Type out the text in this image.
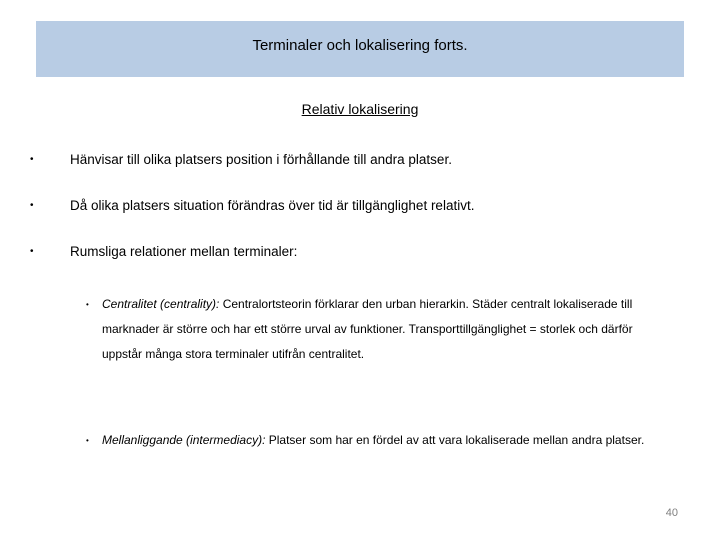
Terminaler och lokalisering forts.
Relativ lokalisering
•	Hänvisar till olika platsers position i förhållande till andra platser.
•	Då olika platsers situation förändras över tid är tillgänglighet relativt.
•	Rumsliga relationer mellan terminaler:
•	Centralitet (centrality): Centralortsteorin förklarar den urban hierarkin. Städer centralt lokaliserade till marknader är större och har ett större urval av funktioner. Transporttillgänglighet = storlek och därför uppstår många stora terminaler utifrån centralitet.
•	Mellanliggande (intermediacy): Platser som har en fördel av att vara lokaliserade mellan andra platser.
40
